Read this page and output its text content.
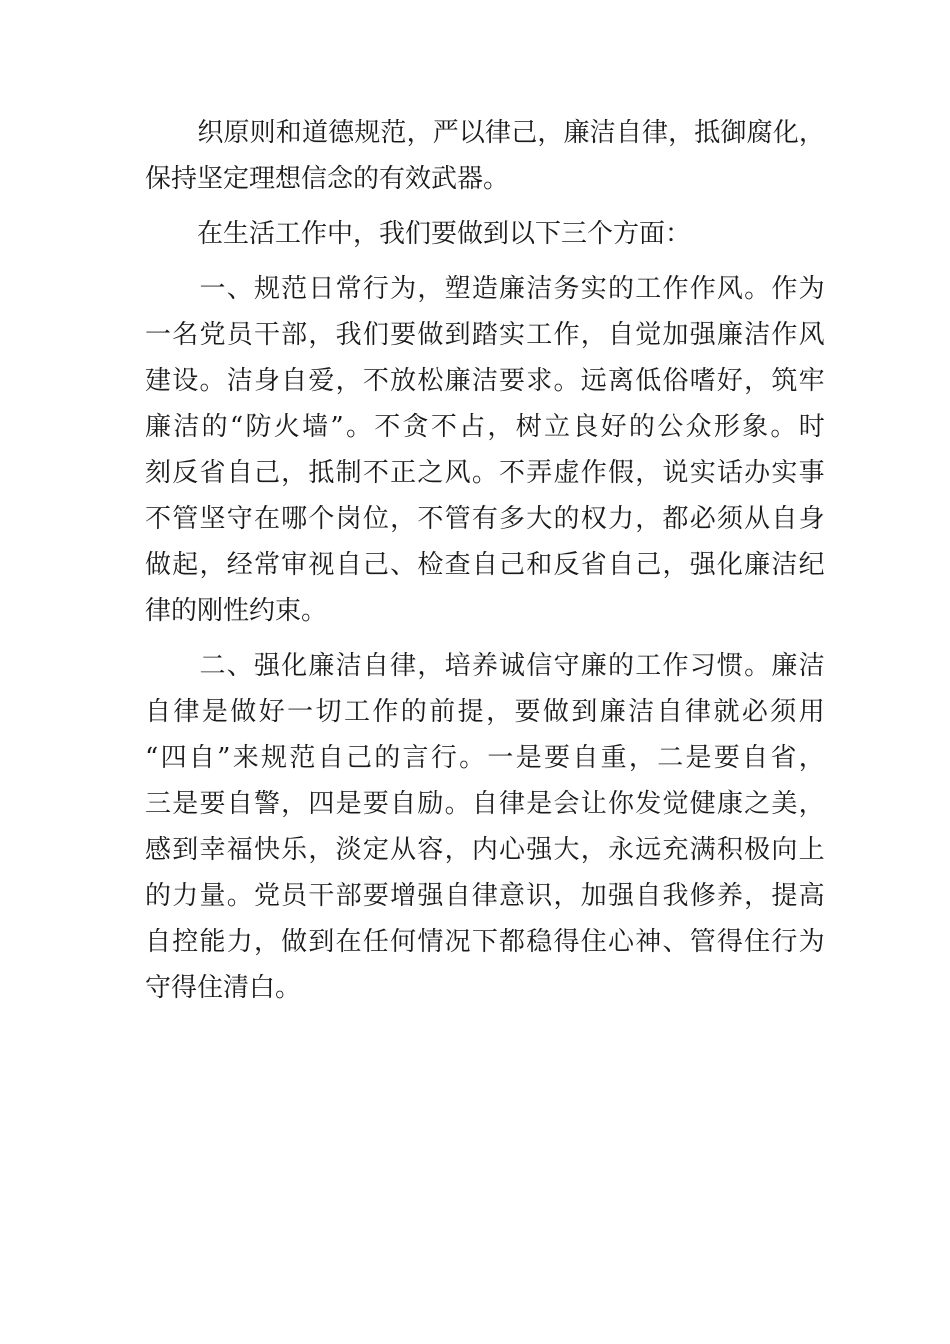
织 原 则 和 道 德 规 范 ， 严 以 律 己 ， 廉 洁 自 律 ， 抵 御 腐 化 ，
保持坚定理想信念的有效武器。
　　在生活工作中，我们要做到以下三个方面：

一 、 规 范 日 常 行 为 ， 塑 造 廉 洁 务 实 的 工 作 作 风 。 作 为
一 名 党 员 干 部 ， 我 们 要 做 到 踏 实 工 作 ， 自 觉 加 强 廉 洁 作 风
建 设 。 洁 身 自 爱 ， 不 放 松 廉 洁 要 求 。 远 离 低 俗 嗜 好 ， 筑 牢
廉 洁 的 “ 防 火 墙 ” 。 不 贪 不 占 ， 树 立 良 好 的 公 众 形 象 。 时
刻 反 省 自 己 ， 抵 制 不 正 之 风 。 不 弄 虚 作 假 ， 说 实 话 办 实 事
不 管 坚 守 在 哪 个 岗 位 ， 不 管 有 多 大 的 权 力 ， 都 必 须 从 自 身
做 起 ， 经 常 审 视 自 己 、 检 查 自 己 和 反 省 自 己 ， 强 化 廉 洁 纪
律的刚性约束。

二 、 强 化 廉 洁 自 律 ， 培 养 诚 信 守 廉 的 工 作 习 惯 。 廉 洁
自 律 是 做 好 一 切 工 作 的 前 提 ， 要 做 到 廉 洁 自 律 就 必 须 用
“ 四 自 ” 来 规 范 自 己 的 言 行 。 一 是 要 自 重 ， 二 是 要 自 省 ，
三 是 要 自 警 ， 四 是 要 自 励 。 自 律 是 会 让 你 发 觉 健 康 之 美 ，
感 到 幸 福 快 乐 ， 淡 定 从 容 ， 内 心 强 大 ， 永 远 充 满 积 极 向 上
的 力 量 。 党 员 干 部 要 增 强 自 律 意 识 ， 加 强 自 我 修 养 ， 提 高
自 控 能 力 ， 做 到 在 任 何 情 况 下 都 稳 得 住 心 神 、 管 得 住 行 为
守得住清白。
